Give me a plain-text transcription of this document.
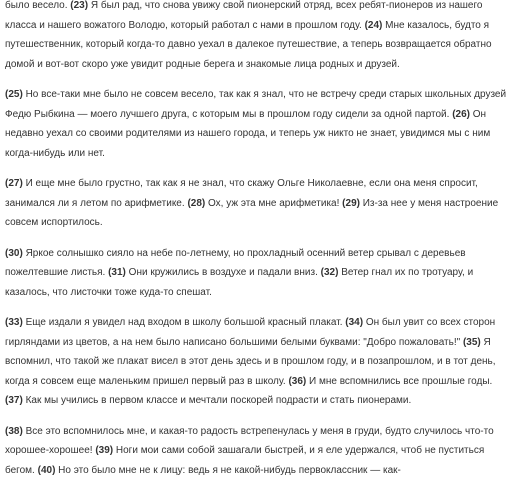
было весело. (23) Я был рад, что снова увижу свой пионерский отряд, всех ребят-пионеров из нашего класса и нашего вожатого Володю, который работал с нами в прошлом году. (24) Мне казалось, будто я путешественник, который когда-то давно уехал в далекое путешествие, а теперь возвращается обратно домой и вот-вот скоро уже увидит родные берега и знакомые лица родных и друзей.

(25) Но все-таки мне было не совсем весело, так как я знал, что не встречу среди старых школьных друзей Федю Рыбкина — моего лучшего друга, с которым мы в прошлом году сидели за одной партой. (26) Он недавно уехал со своими родителями из нашего города, и теперь уж никто не знает, увидимся мы с ним когда-нибудь или нет.

(27) И еще мне было грустно, так как я не знал, что скажу Ольге Николаевне, если она меня спросит, занимался ли я летом по арифметике. (28) Ох, уж эта мне арифметика! (29) Из-за нее у меня настроение совсем испортилось.

(30) Яркое солнышко сияло на небе по-летнему, но прохладный осенний ветер срывал с деревьев пожелтевшие листья. (31) Они кружились в воздухе и падали вниз. (32) Ветер гнал их по тротуару, и казалось, что листочки тоже куда-то спешат.

(33) Еще издали я увидел над входом в школу большой красный плакат. (34) Он был увит со всех сторон гирляндами из цветов, а на нем было написано большими белыми буквами: "Добро пожаловать!" (35) Я вспомнил, что такой же плакат висел в этот день здесь и в прошлом году, и в позапрошлом, и в тот день, когда я совсем еще маленьким пришел первый раз в школу. (36) И мне вспомнились все прошлые годы. (37) Как мы учились в первом классе и мечтали поскорей подрасти и стать пионерами.

(38) Все это вспомнилось мне, и какая-то радость встрепенулась у меня в груди, будто случилось что-то хорошее-хорошее! (39) Ноги мои сами собой зашагали быстрей, и я еле удержался, чтоб не пуститься бегом. (40) Но это было мне не к лицу: ведь я не какой-нибудь первоклассник — как-
